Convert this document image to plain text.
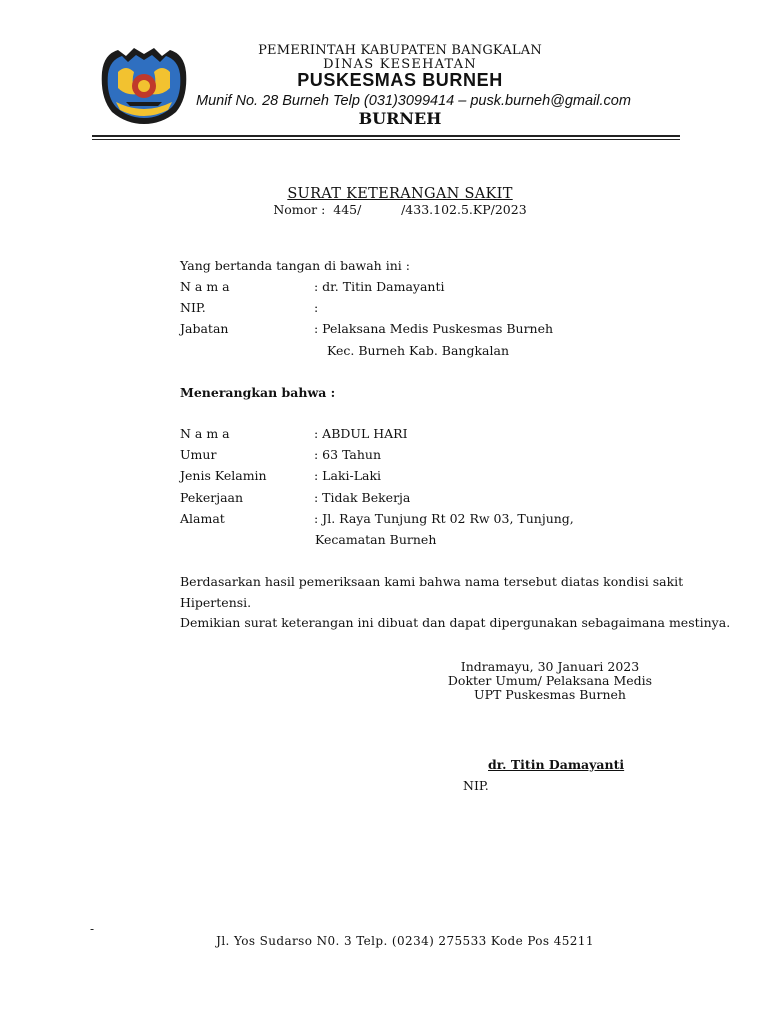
PEMERINTAH KABUPATEN BANGKALAN
DINAS KESEHATAN
PUSKESMAS BURNEH
Munif No. 28 Burneh Telp (031)3099414 – pusk.burneh@gmail.com
BURNEH
SURAT KETERANGAN SAKIT
Nomor :  445/          /433.102.5.KP/2023
Yang bertanda tangan di bawah ini :
N a m a	: dr. Titin Damayanti
NIP.	:
Jabatan	: Pelaksana Medis Puskesmas Burneh
Kec. Burneh Kab. Bangkalan
Menerangkan bahwa :
N a m a	: ABDUL HARI
Umur	: 63 Tahun
Jenis Kelamin	: Laki-Laki
Pekerjaan	: Tidak Bekerja
Alamat	: Jl. Raya Tunjung Rt 02 Rw 03, Tunjung,
Kecamatan Burneh
Berdasarkan hasil pemeriksaan kami bahwa nama tersebut diatas kondisi sakit
Hipertensi.
Demikian surat keterangan ini dibuat dan dapat dipergunakan sebagaimana mestinya.
Indramayu, 30 Januari 2023
Dokter Umum/ Pelaksana Medis
UPT Puskesmas Burneh
dr. Titin Damayanti
NIP.
-
Jl. Yos Sudarso N0. 3 Telp. (0234) 275533 Kode Pos 45211
